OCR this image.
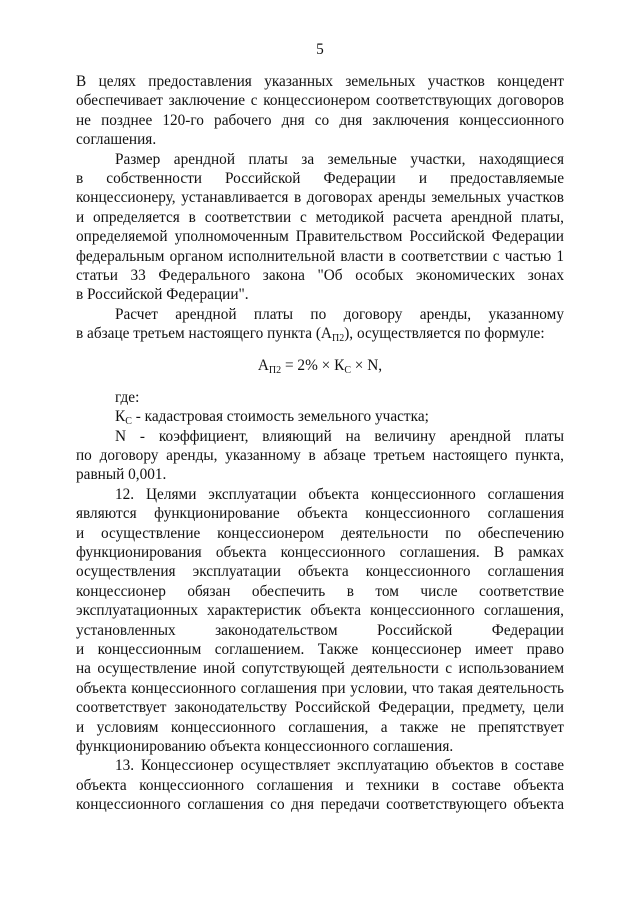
5
В целях предоставления указанных земельных участков концедент
обеспечивает заключение с концессионером соответствующих договоров
не позднее 120-го рабочего дня со дня заключения концессионного
соглашения.
Размер арендной платы за земельные участки, находящиеся
в собственности Российской Федерации и предоставляемые
концессионеру, устанавливается в договорах аренды земельных участков
и определяется в соответствии с методикой расчета арендной платы,
определяемой уполномоченным Правительством Российской Федерации
федеральным органом исполнительной власти в соответствии с частью 1
статьи 33 Федерального закона "Об особых экономических зонах
в Российской Федерации".
Расчет арендной платы по договору аренды, указанному
в абзаце третьем настоящего пункта $(А_{П2})$, осуществляется по формуле:
$А_{П2} = 2\% \times К_С \times N$,
где:
$К_С$ - кадастровая стоимость земельного участка;
N - коэффициент, влияющий на величину арендной платы
по договору аренды, указанному в абзаце третьем настоящего пункта,
равный 0,001.
12. Целями эксплуатации объекта концессионного соглашения
являются функционирование объекта концессионного соглашения
и осуществление концессионером деятельности по обеспечению
функционирования объекта концессионного соглашения. В рамках
осуществления эксплуатации объекта концессионного соглашения
концессионер обязан обеспечить в том числе соответствие
эксплуатационных характеристик объекта концессионного соглашения,
установленных законодательством Российской Федерации
и концессионным соглашением. Также концессионер имеет право
на осуществление иной сопутствующей деятельности с использованием
объекта концессионного соглашения при условии, что такая деятельность
соответствует законодательству Российской Федерации, предмету, цели
и условиям концессионного соглашения, а также не препятствует
функционированию объекта концессионного соглашения.
13. Концессионер осуществляет эксплуатацию объектов в составе
объекта концессионного соглашения и техники в составе объекта
концессионного соглашения со дня передачи соответствующего объекта
